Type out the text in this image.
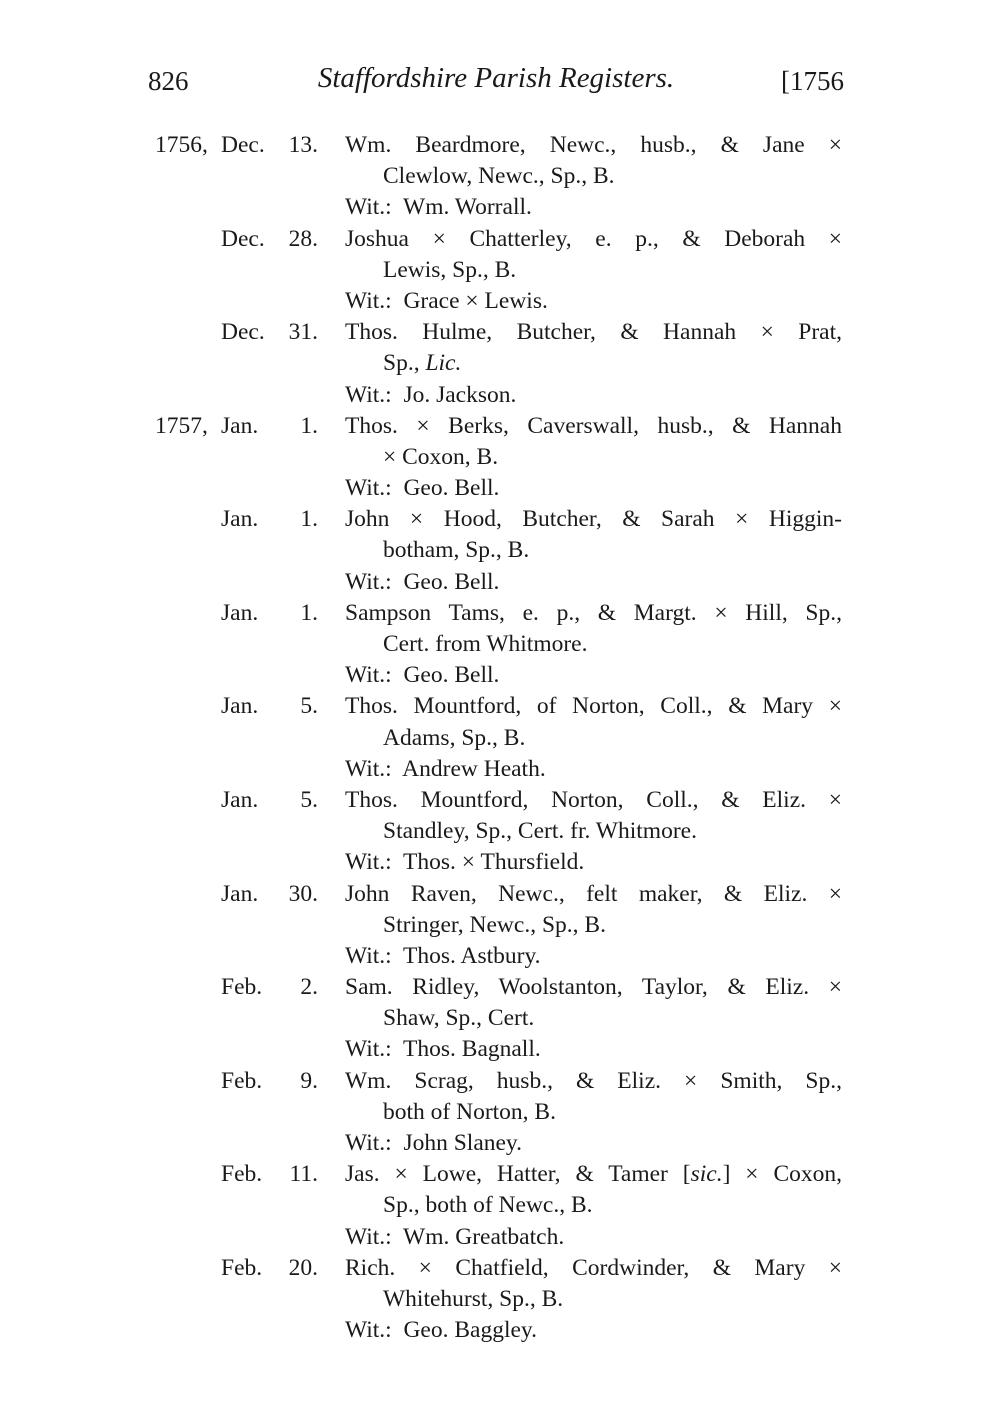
826	Staffordshire Parish Registers.	[1756
1756, Dec. 13. Wm. Beardmore, Newc., husb., & Jane ×
Clewlow, Newc., Sp., B.
Wit.:  Wm. Worrall.
Dec. 28. Joshua × Chatterley, e. p., & Deborah ×
Lewis, Sp., B.
Wit.:  Grace × Lewis.
Dec. 31. Thos. Hulme, Butcher, & Hannah × Prat,
Sp., Lic.
Wit.:  Jo. Jackson.
1757, Jan. 1. Thos. × Berks, Caverswall, husb., & Hannah
× Coxon, B.
Wit.:  Geo. Bell.
Jan. 1. John × Hood, Butcher, & Sarah × Higgin-
botham, Sp., B.
Wit.:  Geo. Bell.
Jan. 1. Sampson Tams, e. p., & Margt. × Hill, Sp.,
Cert. from Whitmore.
Wit.:  Geo. Bell.
Jan. 5. Thos. Mountford, of Norton, Coll., & Mary ×
Adams, Sp., B.
Wit.:  Andrew Heath.
Jan. 5. Thos. Mountford, Norton, Coll., & Eliz. ×
Standley, Sp., Cert. fr. Whitmore.
Wit.:  Thos. × Thursfield.
Jan. 30. John Raven, Newc., felt maker, & Eliz. ×
Stringer, Newc., Sp., B.
Wit.:  Thos. Astbury.
Feb. 2. Sam. Ridley, Woolstanton, Taylor, & Eliz. ×
Shaw, Sp., Cert.
Wit.:  Thos. Bagnall.
Feb. 9. Wm. Scrag, husb., & Eliz. × Smith, Sp.,
both of Norton, B.
Wit.:  John Slaney.
Feb. 11. Jas. × Lowe, Hatter, & Tamer [sic.] × Coxon,
Sp., both of Newc., B.
Wit.:  Wm. Greatbatch.
Feb. 20. Rich. × Chatfield, Cordwinder, & Mary ×
Whitehurst, Sp., B.
Wit.:  Geo. Baggley.
